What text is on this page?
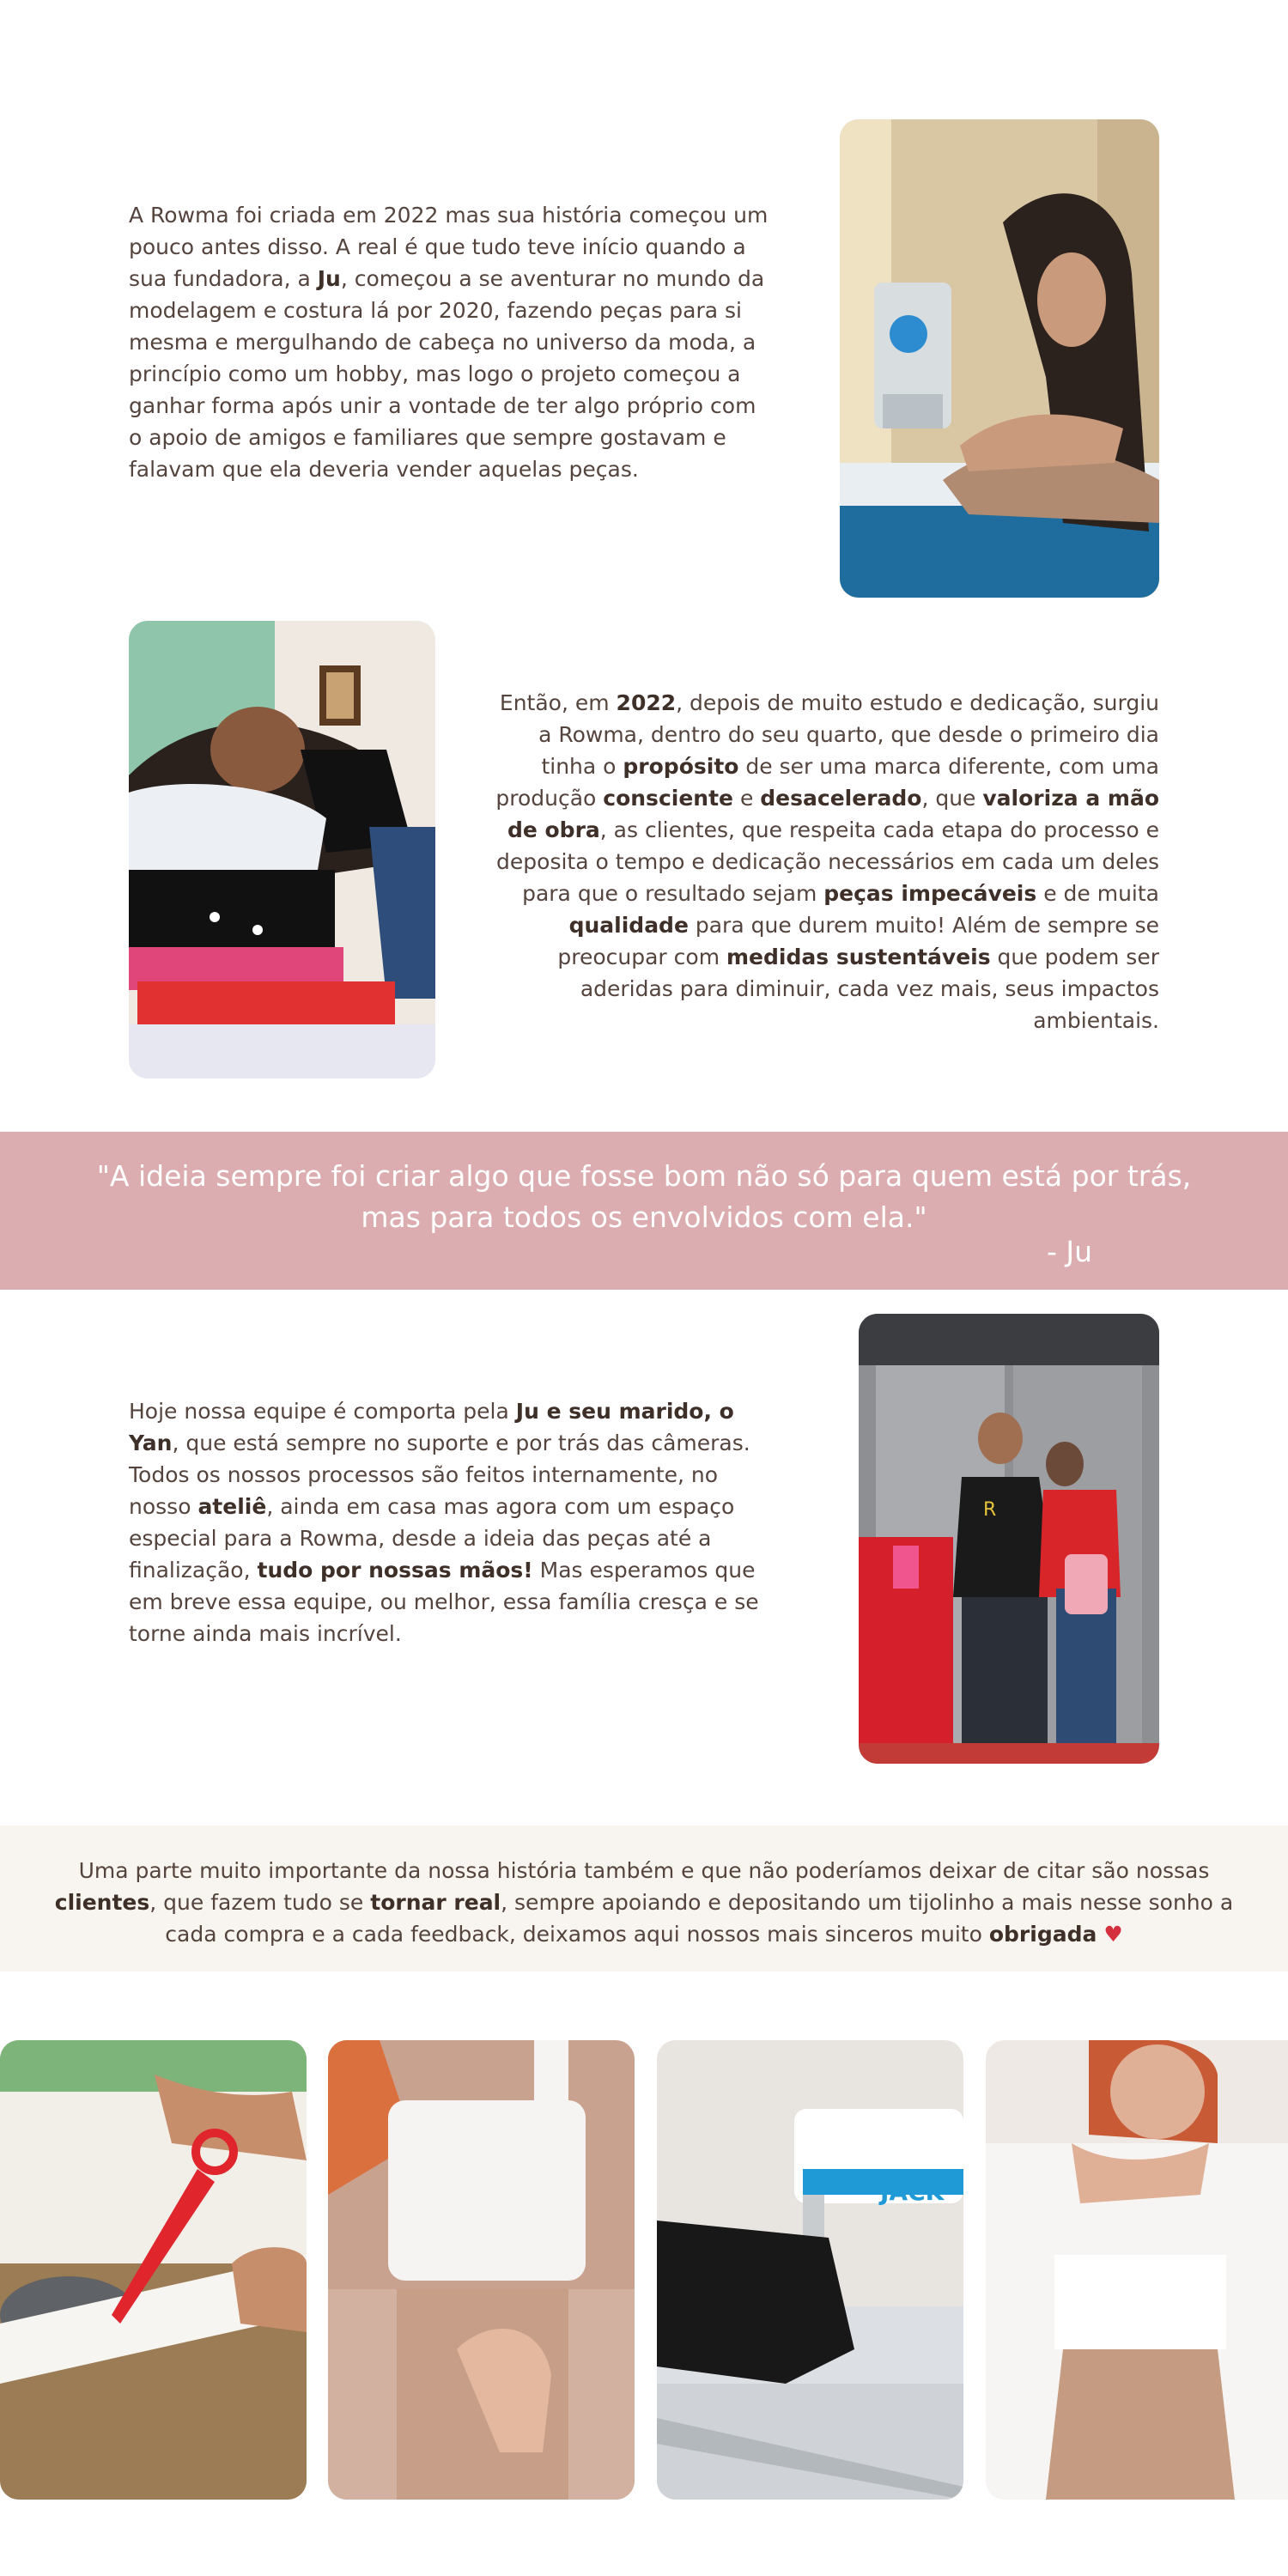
A Rowma foi criada em 2022 mas sua história começou um pouco antes disso. A real é que tudo teve início quando a sua fundadora, a Ju, começou a se aventurar no mundo da modelagem e costura lá por 2020, fazendo peças para si mesma e mergulhando de cabeça no universo da moda, a princípio como um hobby, mas logo o projeto começou a ganhar forma após unir a vontade de ter algo próprio com o apoio de amigos e familiares que sempre gostavam e falavam que ela deveria vender aquelas peças.

Então, em 2022, depois de muito estudo e dedicação, surgiu a Rowma, dentro do seu quarto, que desde o primeiro dia tinha o propósito de ser uma marca diferente, com uma produção consciente e desacelerado, que valoriza a mão de obra, as clientes, que respeita cada etapa do processo e deposita o tempo e dedicação necessários em cada um deles para que o resultado sejam peças impecáveis e de muita qualidade para que durem muito! Além de sempre se preocupar com medidas sustentáveis que podem ser aderidas para diminuir, cada vez mais, seus impactos ambientais.

"A ideia sempre foi criar algo que fosse bom não só para quem está por trás, mas para todos os envolvidos com ela."

- Ju

Hoje nossa equipe é comporta pela Ju e seu marido, o Yan, que está sempre no suporte e por trás das câmeras. Todos os nossos processos são feitos internamente, no nosso ateliê, ainda em casa mas agora com um espaço especial para a Rowma, desde a ideia das peças até a finalização, tudo por nossas mãos! Mas esperamos que em breve essa equipe, ou melhor, essa família cresça e se torne ainda mais incrível.

R

Uma parte muito importante da nossa história também e que não poderíamos deixar de citar são nossas clientes, que fazem tudo se tornar real, sempre apoiando e depositando um tijolinho a mais nesse sonho a cada compra e a cada feedback, deixamos aqui nossos mais sinceros muito obrigada ♥

JACK
